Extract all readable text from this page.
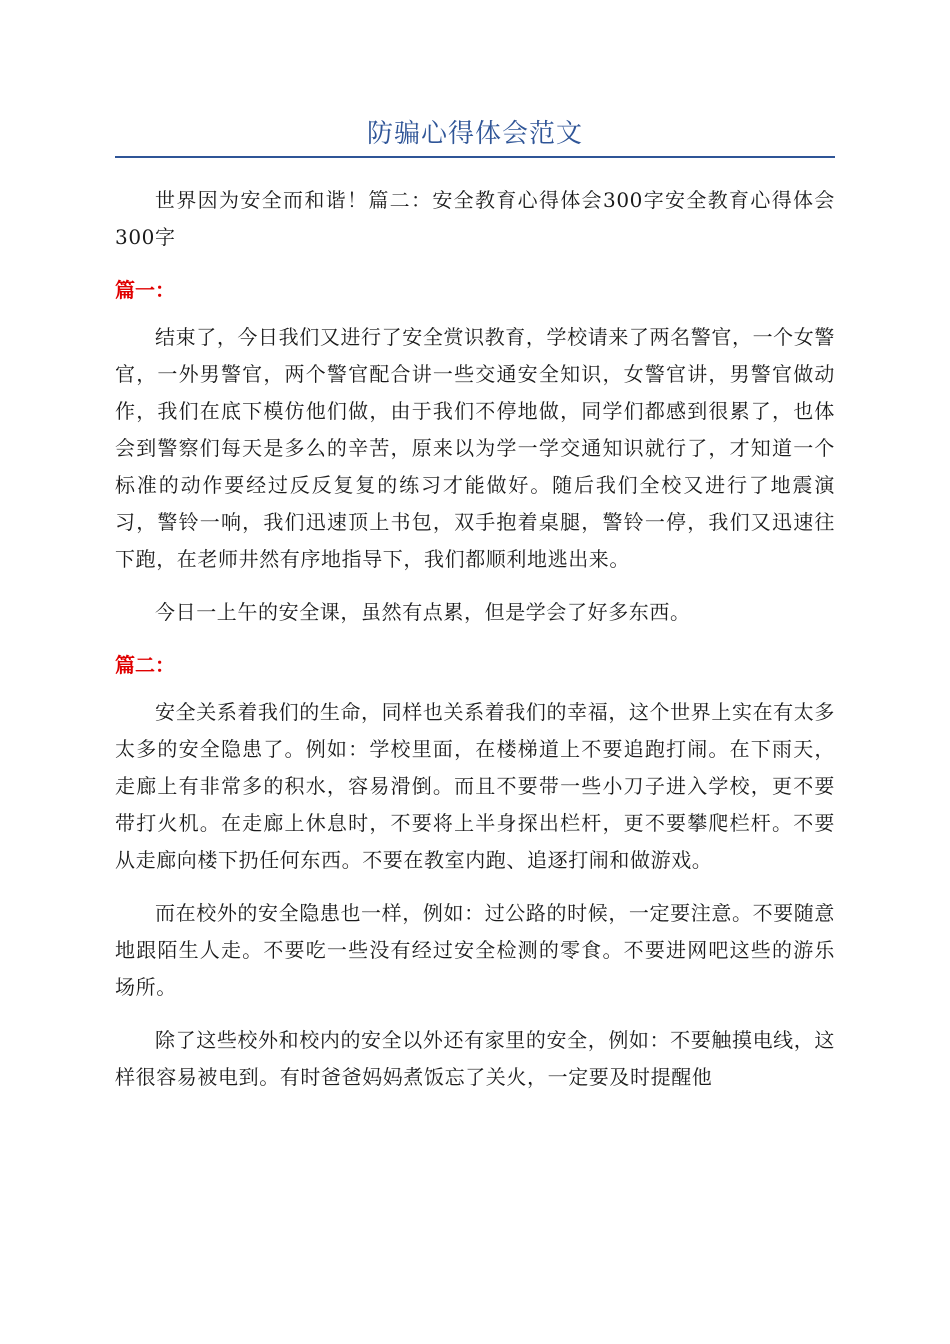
防骗心得体会范文

世界因为安全而和谐！篇二：安全教育心得体会300字安全教育心得体会300字

篇一：

结束了，今日我们又进行了安全赏识教育，学校请来了两名警官，一个女警官，一外男警官，两个警官配合讲一些交通安全知识，女警官讲，男警官做动作，我们在底下模仿他们做，由于我们不停地做，同学们都感到很累了，也体会到警察们每天是多么的辛苦，原来以为学一学交通知识就行了，才知道一个标准的动作要经过反反复复的练习才能做好。随后我们全校又进行了地震演习，警铃一响，我们迅速顶上书包，双手抱着桌腿，警铃一停，我们又迅速往下跑，在老师井然有序地指导下，我们都顺利地逃出来。

今日一上午的安全课，虽然有点累，但是学会了好多东西。

篇二：

安全关系着我们的生命，同样也关系着我们的幸福，这个世界上实在有太多太多的安全隐患了。例如：学校里面，在楼梯道上不要追跑打闹。在下雨天，走廊上有非常多的积水，容易滑倒。而且不要带一些小刀子进入学校，更不要带打火机。在走廊上休息时，不要将上半身探出栏杆，更不要攀爬栏杆。不要从走廊向楼下扔任何东西。不要在教室内跑、追逐打闹和做游戏。

而在校外的安全隐患也一样，例如：过公路的时候，一定要注意。不要随意地跟陌生人走。不要吃一些没有经过安全检测的零食。不要进网吧这些的游乐场所。

除了这些校外和校内的安全以外还有家里的安全，例如：不要触摸电线，这样很容易被电到。有时爸爸妈妈煮饭忘了关火，一定要及时提醒他
